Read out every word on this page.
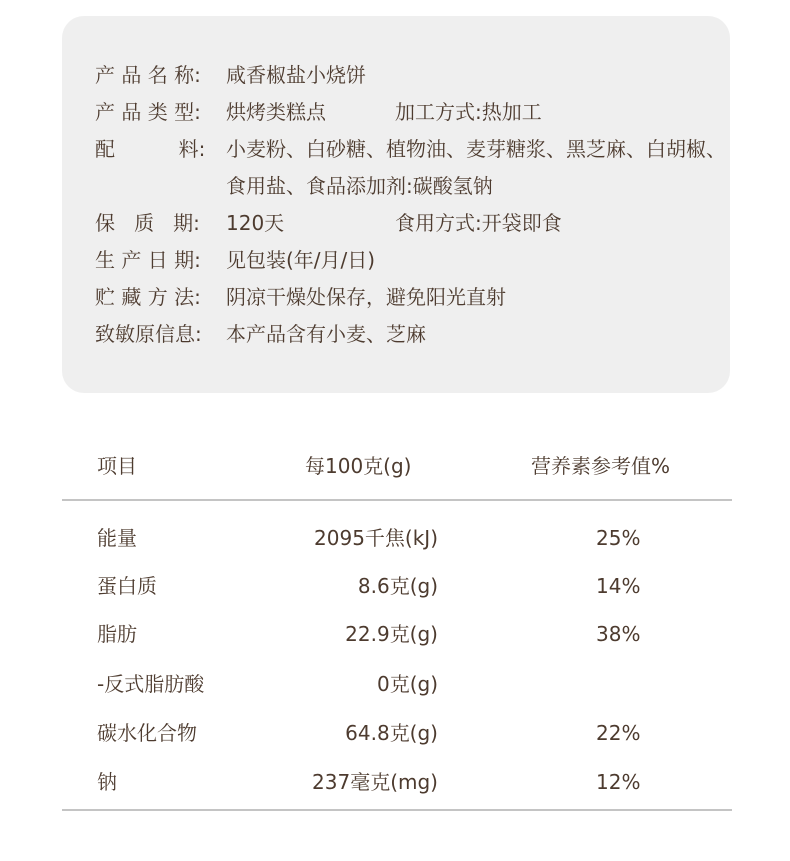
产 品 名 称: 咸香椒盐小烧饼
产 品 类 型: 烘烤类糕点	加工方式:热加工
配          料: 小麦粉、白砂糖、植物油、麦芽糖浆、黑芝麻、白胡椒、
食用盐、食品添加剂:碳酸氢钠
保   质   期: 120天	食用方式:开袋即食
生 产 日 期: 见包装(年/月/日)
贮 藏 方 法: 阴凉干燥处保存，避免阳光直射
致敏原信息: 本产品含有小麦、芝麻
项目	每100克(g)	营养素参考值%
能量	2095千焦(kJ)	25%
蛋白质	8.6克(g)	14%
脂肪	22.9克(g)	38%
-反式脂肪酸	0克(g)
碳水化合物	64.8克(g)	22%
钠	237毫克(mg)	12%
